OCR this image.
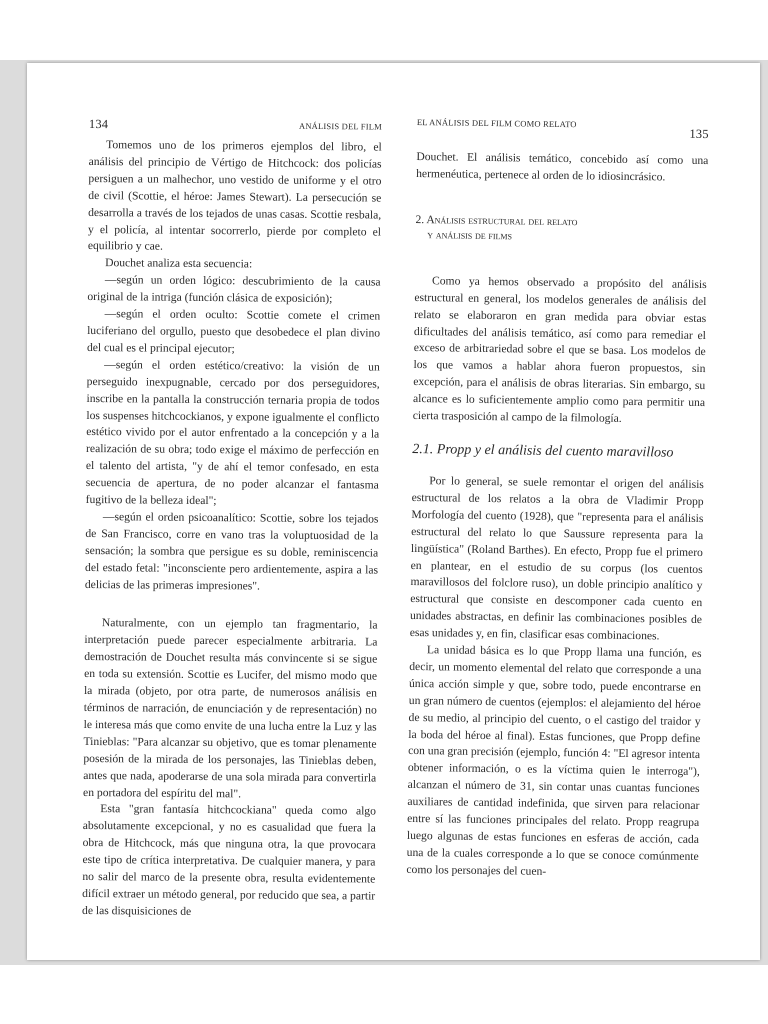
134	ANÁLISIS DEL FILM

Tomemos uno de los primeros ejemplos del libro, el análisis del principio de Vértigo de Hitchcock: dos policías persiguen a un malhechor, uno vestido de uniforme y el otro de civil (Scottie, el héroe: James Stewart). La persecución se desarrolla a través de los tejados de unas casas. Scottie resbala, y el policía, al intentar socorrerlo, pierde por completo el equilibrio y cae.

Douchet analiza esta secuencia:

—según un orden lógico: descubrimiento de la causa original de la intriga (función clásica de exposición);

—según el orden oculto: Scottie comete el crimen luciferiano del orgullo, puesto que desobedece el plan divino del cual es el principal ejecutor;

—según el orden estético/creativo: la visión de un perseguido inexpugnable, cercado por dos perseguidores, inscribe en la pantalla la construcción ternaria propia de todos los suspenses hitchcockianos, y expone igualmente el conflicto estético vivido por el autor enfrentado a la concepción y a la realización de su obra; todo exige el máximo de perfección en el talento del artista, "y de ahí el temor confesado, en esta secuencia de apertura, de no poder alcanzar el fantasma fugitivo de la belleza ideal";

—según el orden psicoanalítico: Scottie, sobre los tejados de San Francisco, corre en vano tras la voluptuosidad de la sensación; la sombra que persigue es su doble, reminiscencia del estado fetal: "inconsciente pero ardientemente, aspira a las delicias de las primeras impresiones".

Naturalmente, con un ejemplo tan fragmentario, la interpretación puede parecer especialmente arbitraria. La demostración de Douchet resulta más convincente si se sigue en toda su extensión. Scottie es Lucifer, del mismo modo que la mirada (objeto, por otra parte, de numerosos análisis en términos de narración, de enunciación y de representación) no le interesa más que como envite de una lucha entre la Luz y las Tinieblas: "Para alcanzar su objetivo, que es tomar plenamente posesión de la mirada de los personajes, las Tinieblas deben, antes que nada, apoderarse de una sola mirada para convertirla en portadora del espíritu del mal".

Esta "gran fantasía hitchcockiana" queda como algo absolutamente excepcional, y no es casualidad que fuera la obra de Hitchcock, más que ninguna otra, la que provocara este tipo de crítica interpretativa. De cualquier manera, y para no salir del marco de la presente obra, resulta evidentemente difícil extraer un método general, por reducido que sea, a partir de las disquisiciones de

EL ANÁLISIS DEL FILM COMO RELATO
135

Douchet. El análisis temático, concebido así como una hermenéutica, pertenece al orden de lo idiosincrásico.

2. Análisis estructural del relato
y análisis de films

Como ya hemos observado a propósito del análisis estructural en general, los modelos generales de análisis del relato se elaboraron en gran medida para obviar estas dificultades del análisis temático, así como para remediar el exceso de arbitrariedad sobre el que se basa. Los modelos de los que vamos a hablar ahora fueron propuestos, sin excepción, para el análisis de obras literarias. Sin embargo, su alcance es lo suficientemente amplio como para permitir una cierta trasposición al campo de la filmología.

2.1. Propp y el análisis del cuento maravilloso

Por lo general, se suele remontar el origen del análisis estructural de los relatos a la obra de Vladimir Propp Morfología del cuento (1928), que "representa para el análisis estructural del relato lo que Saussure representa para la lingüística" (Roland Barthes). En efecto, Propp fue el primero en plantear, en el estudio de su corpus (los cuentos maravillosos del folclore ruso), un doble principio analítico y estructural que consiste en descomponer cada cuento en unidades abstractas, en definir las combinaciones posibles de esas unidades y, en fin, clasificar esas combinaciones.

La unidad básica es lo que Propp llama una función, es decir, un momento elemental del relato que corresponde a una única acción simple y que, sobre todo, puede encontrarse en un gran número de cuentos (ejemplos: el alejamiento del héroe de su medio, al principio del cuento, o el castigo del traidor y la boda del héroe al final). Estas funciones, que Propp define con una gran precisión (ejemplo, función 4: "El agresor intenta obtener información, o es la víctima quien le interroga"), alcanzan el número de 31, sin contar unas cuantas funciones auxiliares de cantidad indefinida, que sirven para relacionar entre sí las funciones principales del relato. Propp reagrupa luego algunas de estas funciones en esferas de acción, cada una de la cuales corresponde a lo que se conoce comúnmente como los personajes del cuen-
